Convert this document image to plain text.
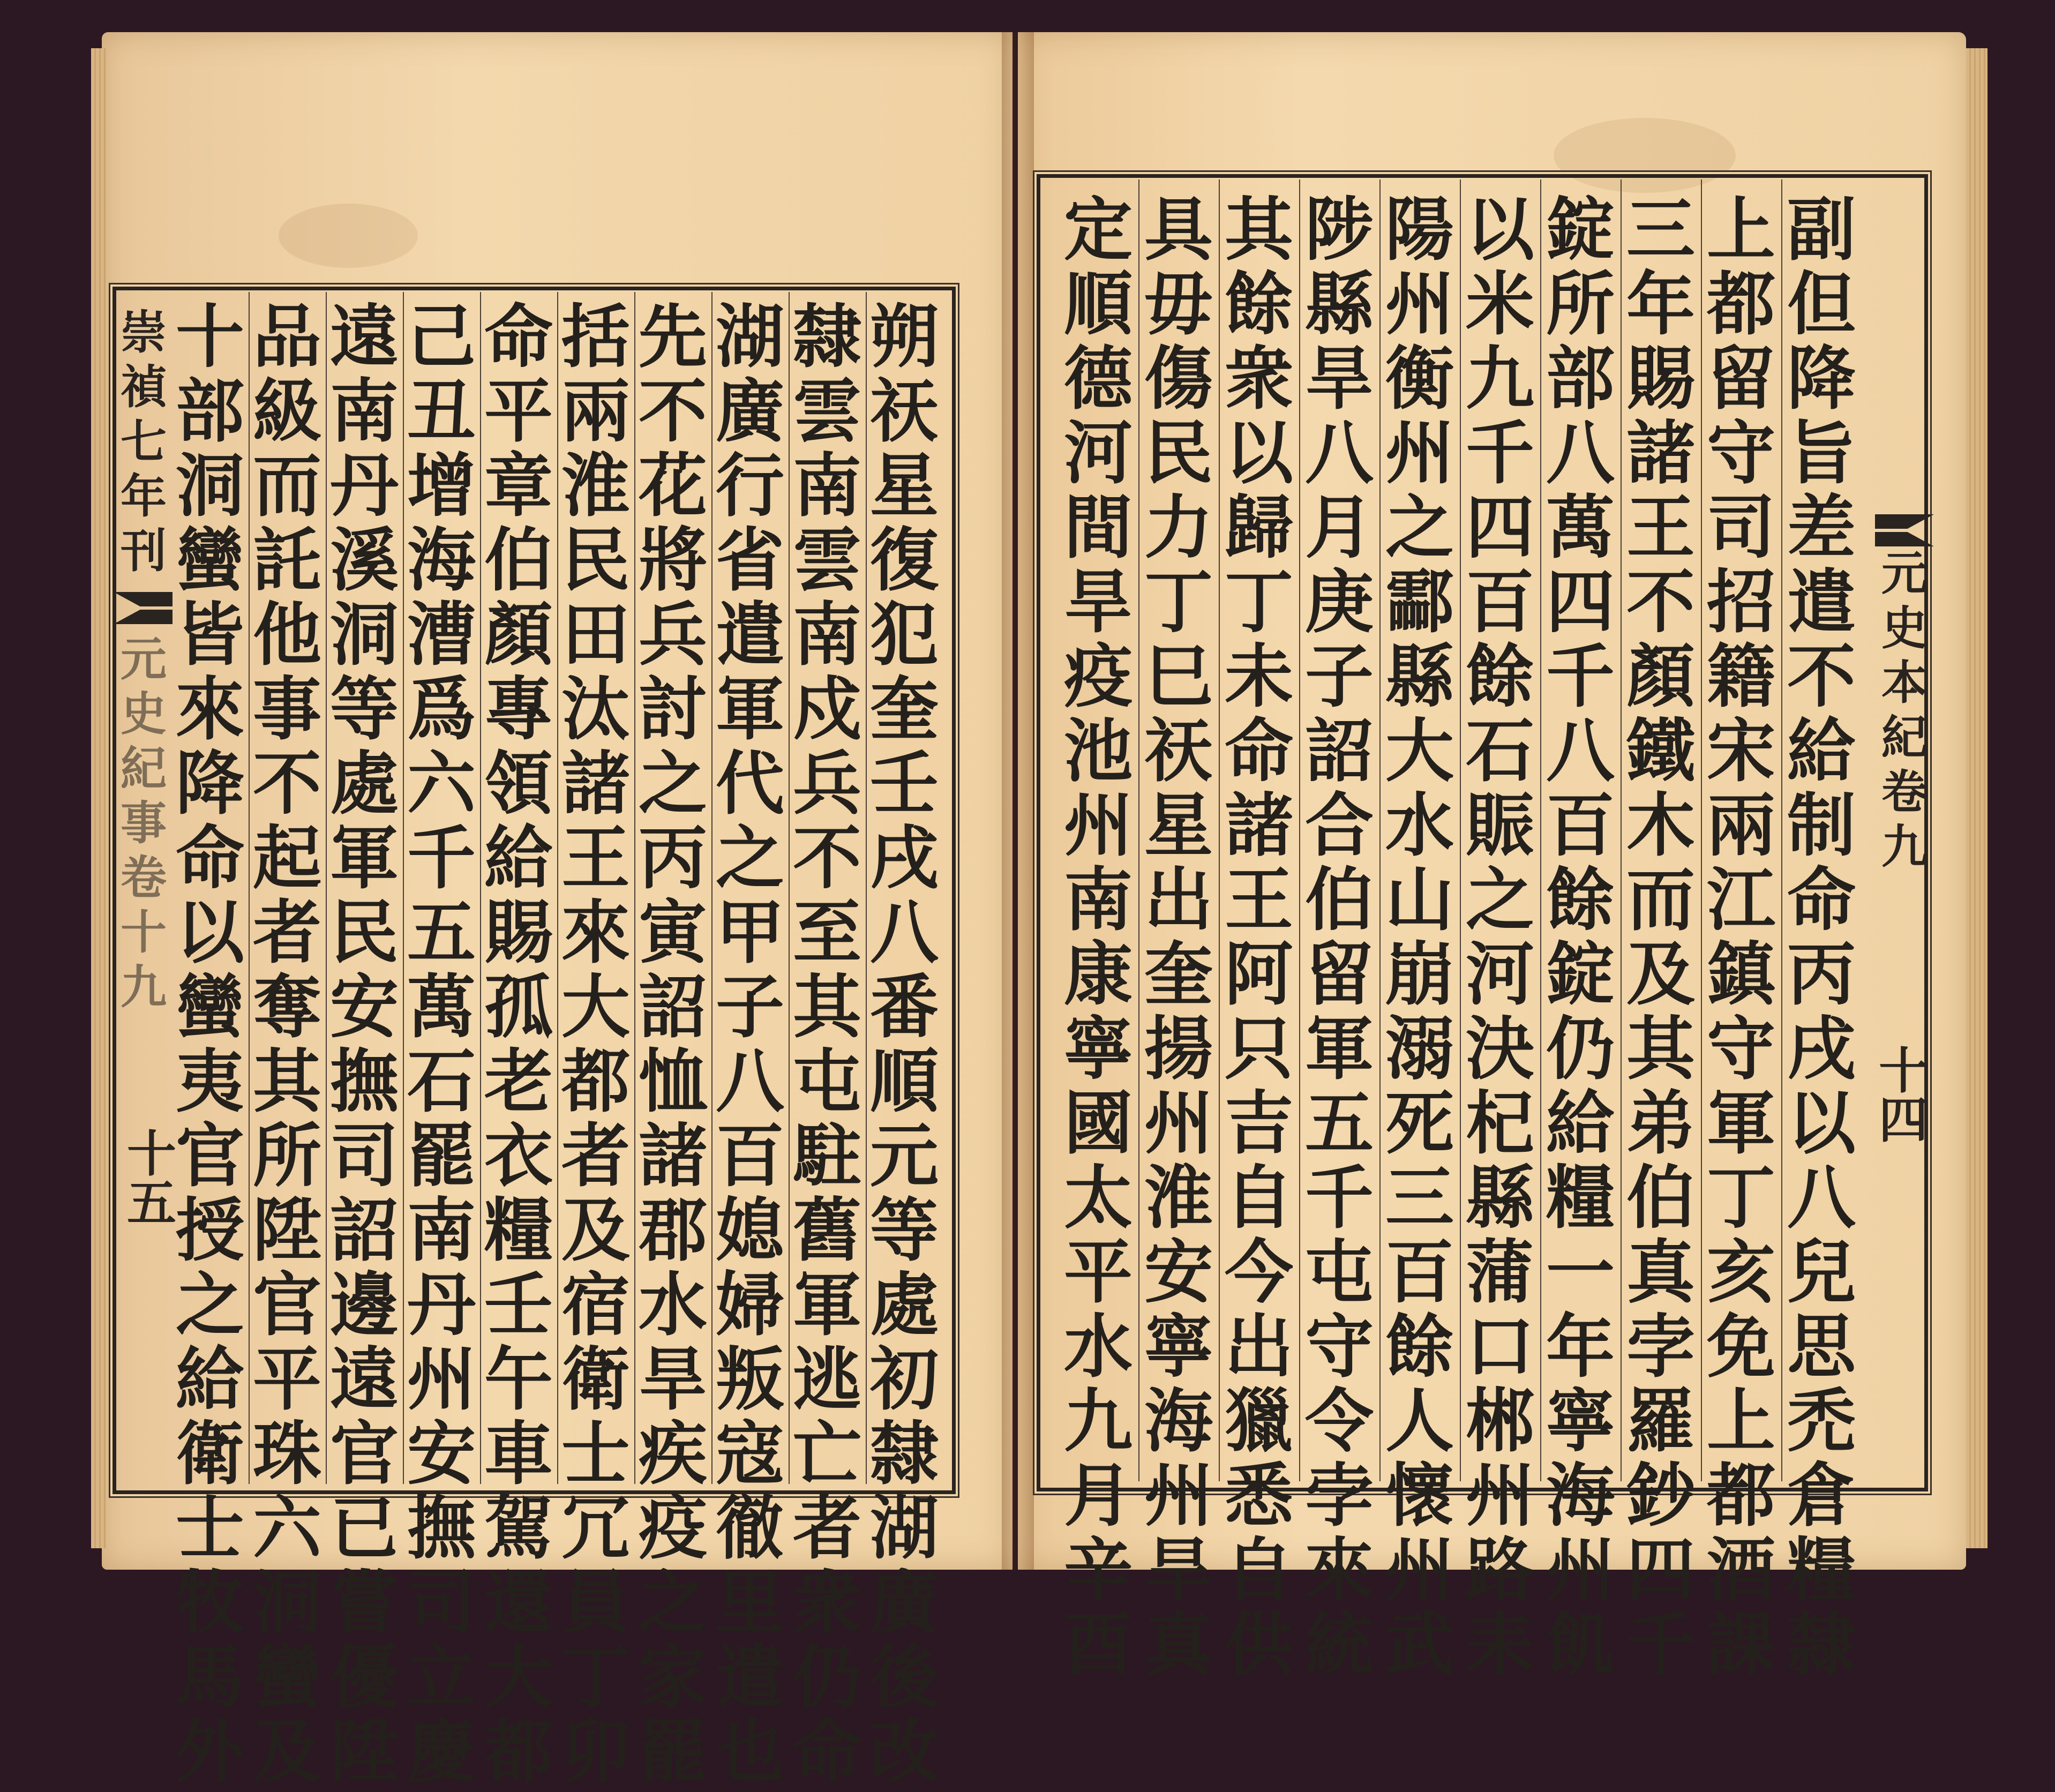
崇
禎
七
年
刊
元
史
紀
事
卷
十
九
十五
朔
祆
星
復
犯
奎
壬
戌
八
番
順
元
等
處
初
隸
湖
廣
後
改
隸
雲
南
雲
南
戍
兵
不
至
其
屯
駐
舊
軍
逃
亡
者
衆
仍
命
湖
廣
行
省
遣
軍
代
之
甲
子
八
百
媳
婦
叛
寇
徹
里
遣
也
先
不
花
將
兵
討
之
丙
寅
詔
恤
諸
郡
水
旱
疾
疫
之
家
罷
括
兩
淮
民
田
汰
諸
王
來
大
都
者
及
宿
衛
士
冗
員
丁
卯
命
平
章
伯
顏
專
領
給
賜
孤
老
衣
糧
壬
午
車
駕
還
大
都
己
丑
增
海
漕
爲
六
千
五
萬
石
罷
南
丹
州
安
撫
司
立
慶
遠
南
丹
溪
洞
等
處
軍
民
安
撫
司
詔
邊
遠
官
已
嘗
優
陞
品
級
而
託
他
事
不
起
者
奪
其
所
陞
官
平
珠
六
洞
蠻
及
十
部
洞
蠻
皆
來
降
命
以
蠻
夷
官
授
之
給
衛
士
牧
馬
外
元
史
本
紀
卷
九
十四
副
但
降
旨
差
遣
不
給
制
命
丙
戌
以
八
兒
思
禿
倉
糧
隸
上
都
留
守
司
招
籍
宋
兩
江
鎮
守
軍
丁
亥
免
上
都
酒
課
三
年
賜
諸
王
不
顏
鐵
木
而
及
其
弟
伯
真
孛
羅
鈔
四
千
錠
所
部
八
萬
四
千
八
百
餘
錠
仍
給
糧
一
年
寧
海
州
飢
以
米
九
千
四
百
餘
石
賑
之
河
決
杞
縣
蒲
口
郴
州
路
耒
陽
州
衡
州
之
酃
縣
大
水
山
崩
溺
死
三
百
餘
人
懷
州
武
陟
縣
旱
八
月
庚
子
詔
合
伯
留
軍
五
千
屯
守
令
孛
來
統
其
餘
衆
以
歸
丁
未
命
諸
王
阿
只
吉
自
今
出
獵
悉
自
供
具
毋
傷
民
力
丁
巳
祆
星
出
奎
揚
州
淮
安
寧
海
州
旱
真
定
順
德
河
間
旱
疫
池
州
南
康
寧
國
太
平
水
九
月
辛
酉
